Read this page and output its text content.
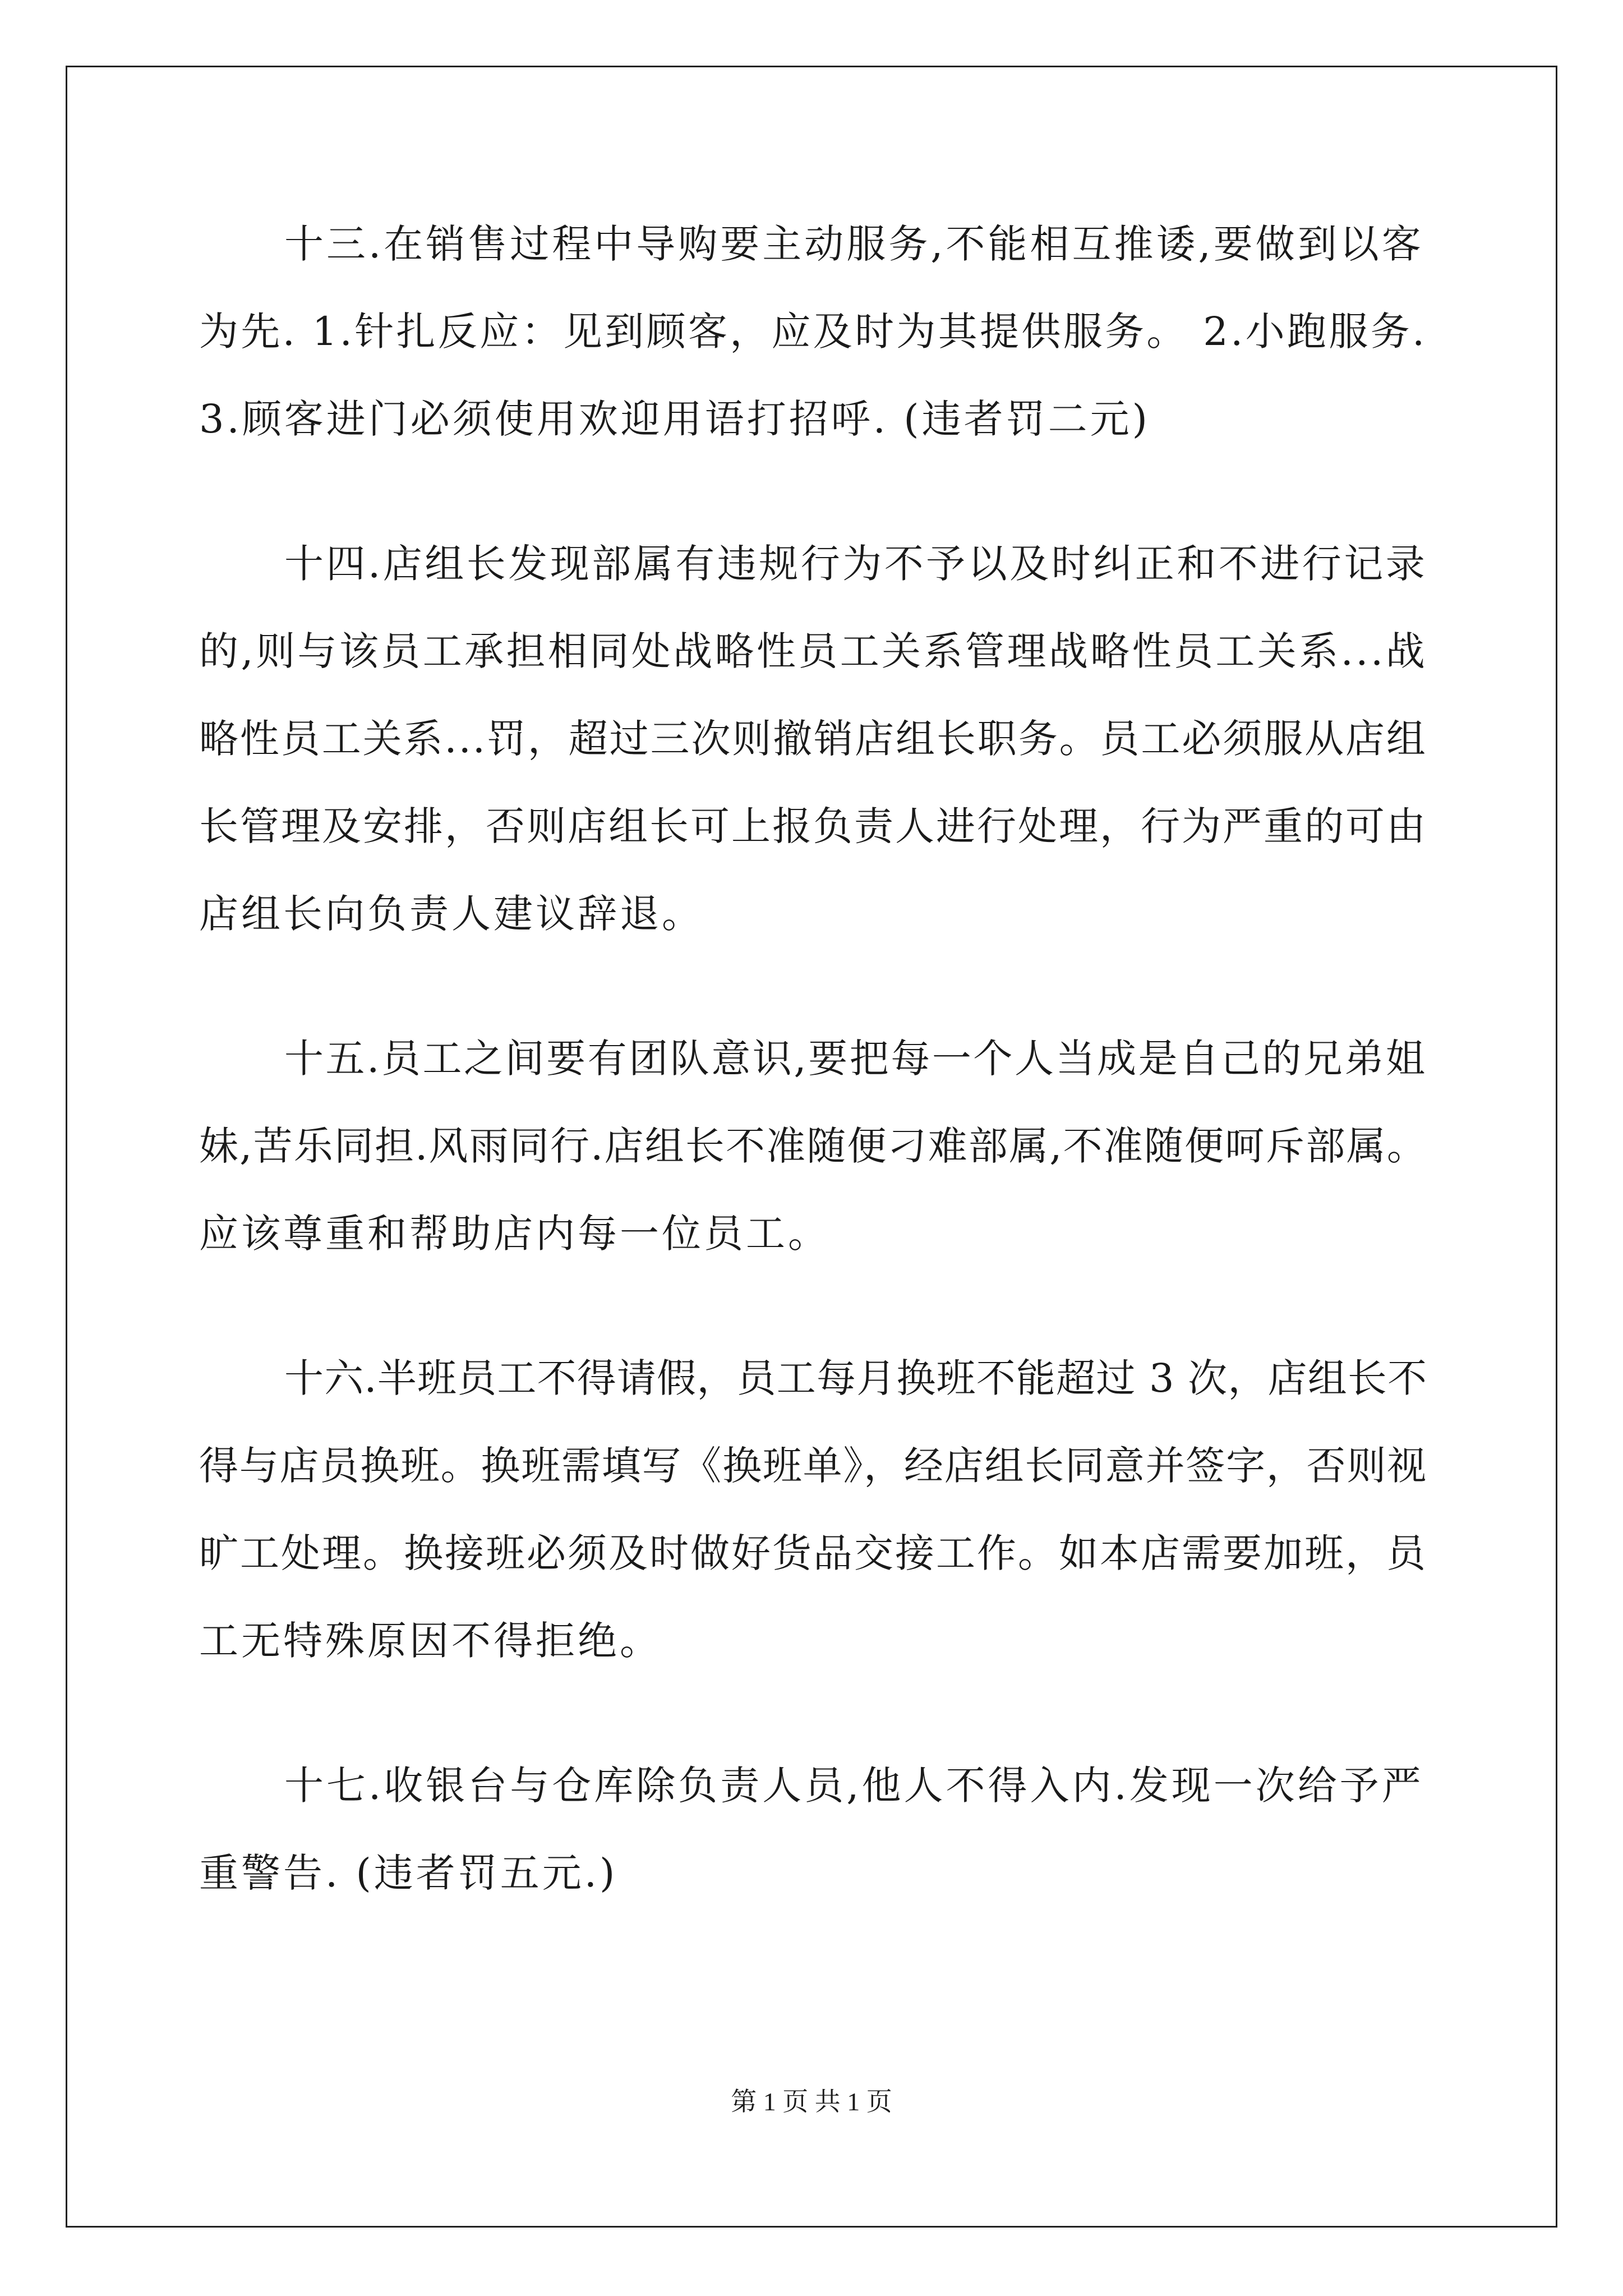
十三.在销售过程中导购要主动服务,不能相互推诿,要做到以客
为先. 1.针扎反应：见到顾客，应及时为其提供服务。 2.小跑服务.
3.顾客进门必须使用欢迎用语打招呼. (违者罚二元)
十四.店组长发现部属有违规行为不予以及时纠正和不进行记录
的,则与该员工承担相同处战略性员工关系管理战略性员工关系...战
略性员工关系...罚，超过三次则撤销店组长职务。员工必须服从店组
长管理及安排，否则店组长可上报负责人进行处理，行为严重的可由
店组长向负责人建议辞退。
十五.员工之间要有团队意识,要把每一个人当成是自己的兄弟姐
妹,苦乐同担.风雨同行.店组长不准随便刁难部属,不准随便呵斥部属。
应该尊重和帮助店内每一位员工。
十六.半班员工不得请假，员工每月换班不能超过 3 次，店组长不
得与店员换班。换班需填写《换班单》，经店组长同意并签字，否则视
旷工处理。换接班必须及时做好货品交接工作。如本店需要加班，员
工无特殊原因不得拒绝。
十七.收银台与仓库除负责人员,他人不得入内.发现一次给予严
重警告. (违者罚五元.)
第 1 页 共 1 页
